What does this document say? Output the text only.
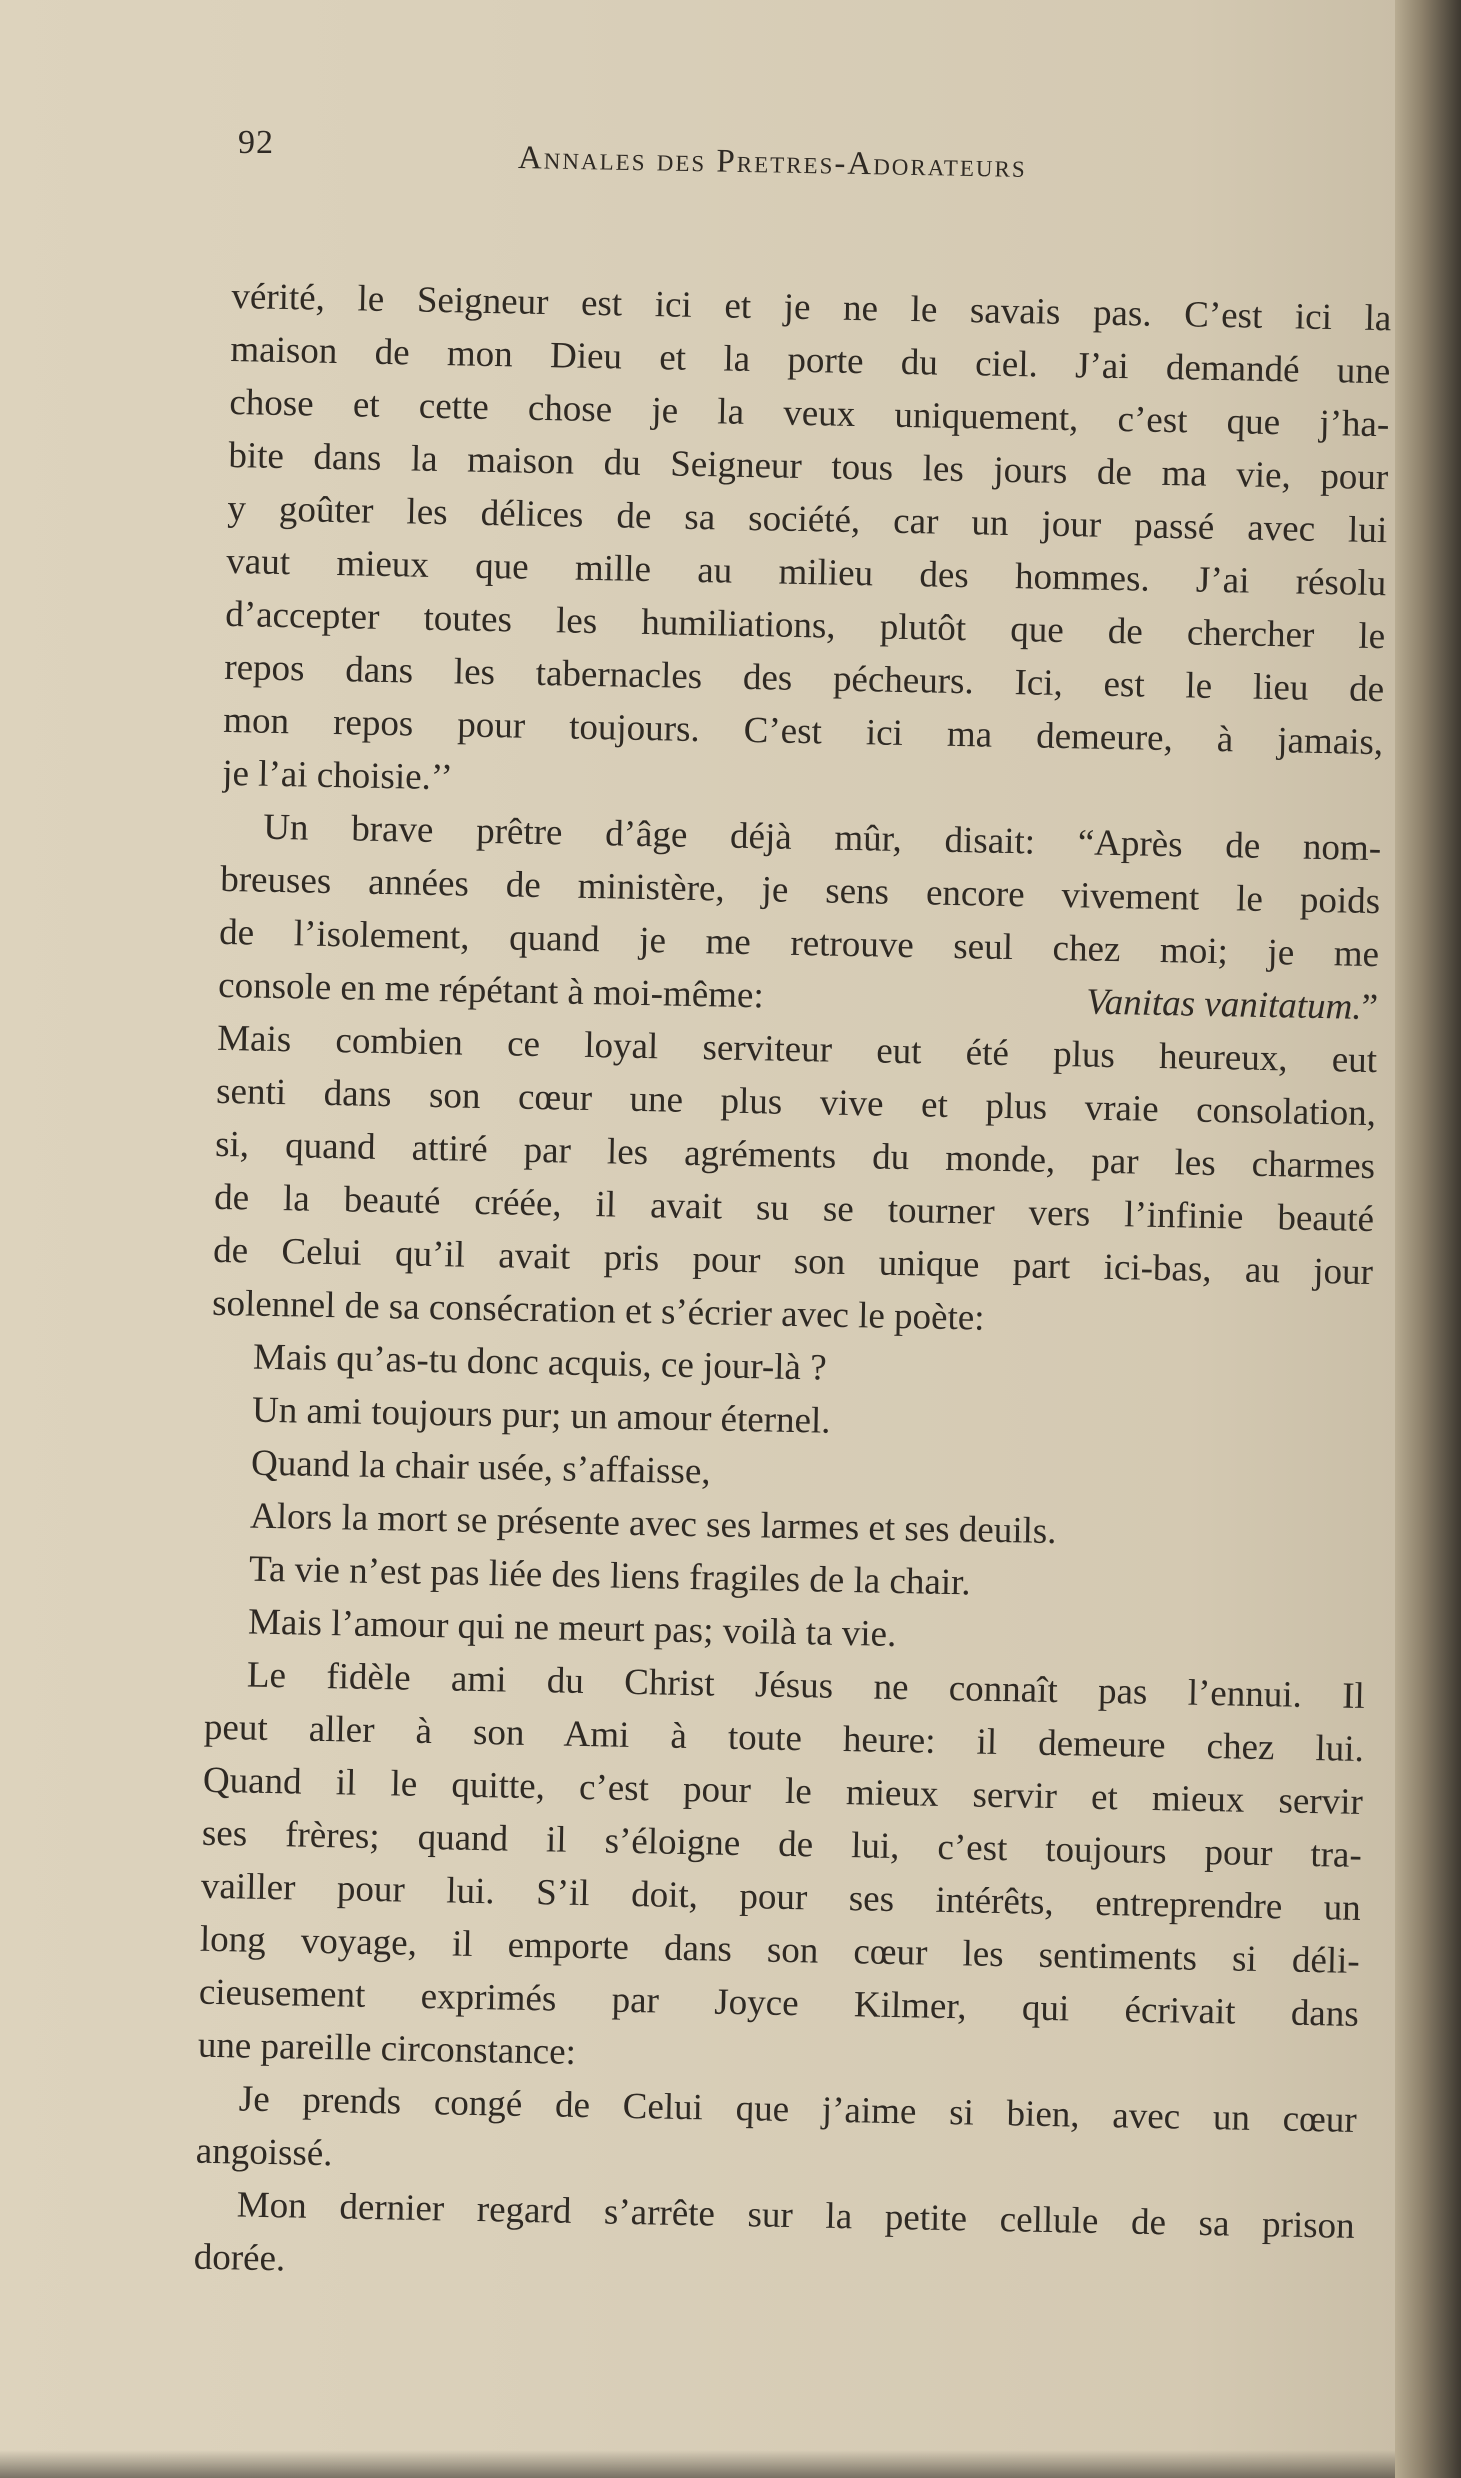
92	Annales des Pretres-Adorateurs
vérité, le Seigneur est ici et je ne le savais pas. C’est ici la
maison de mon Dieu et la porte du ciel. J’ai demandé une
chose et cette chose je la veux uniquement, c’est que j’ha-
bite dans la maison du Seigneur tous les jours de ma vie, pour
y goûter les délices de sa société, car un jour passé avec lui
vaut mieux que mille au milieu des hommes. J’ai résolu
d’accepter toutes les humiliations, plutôt que de chercher le
repos dans les tabernacles des pécheurs. Ici, est le lieu de
mon repos pour toujours. C’est ici ma demeure, à jamais,
je l’ai choisie.’’
Un brave prêtre d’âge déjà mûr, disait: “Après de nom-
breuses années de ministère, je sens encore vivement le poids
de l’isolement, quand je me retrouve seul chez moi; je me
console en me répétant à moi-même:	Vanitas vanitatum.”
Mais combien ce loyal serviteur eut été plus heureux, eut
senti dans son cœur une plus vive et plus vraie consolation,
si, quand attiré par les agréments du monde, par les charmes
de la beauté créée, il avait su se tourner vers l’infinie beauté
de Celui qu’il avait pris pour son unique part ici-bas, au jour
solennel de sa consécration et s’écrier avec le poète:
Mais qu’as-tu donc acquis, ce jour-là ?
Un ami toujours pur; un amour éternel.
Quand la chair usée, s’affaisse,
Alors la mort se présente avec ses larmes et ses deuils.
Ta vie n’est pas liée des liens fragiles de la chair.
Mais l’amour qui ne meurt pas; voilà ta vie.
Le fidèle ami du Christ Jésus ne connaît pas l’ennui. Il
peut aller à son Ami à toute heure: il demeure chez lui.
Quand il le quitte, c’est pour le mieux servir et mieux servir
ses frères; quand il s’éloigne de lui, c’est toujours pour tra-
vailler pour lui. S’il doit, pour ses intérêts, entreprendre un
long voyage, il emporte dans son cœur les sentiments si déli-
cieusement exprimés par Joyce Kilmer, qui écrivait dans
une pareille circonstance:
Je prends congé de Celui que j’aime si bien, avec un cœur
angoissé.
Mon dernier regard s’arrête sur la petite cellule de sa prison
dorée.
